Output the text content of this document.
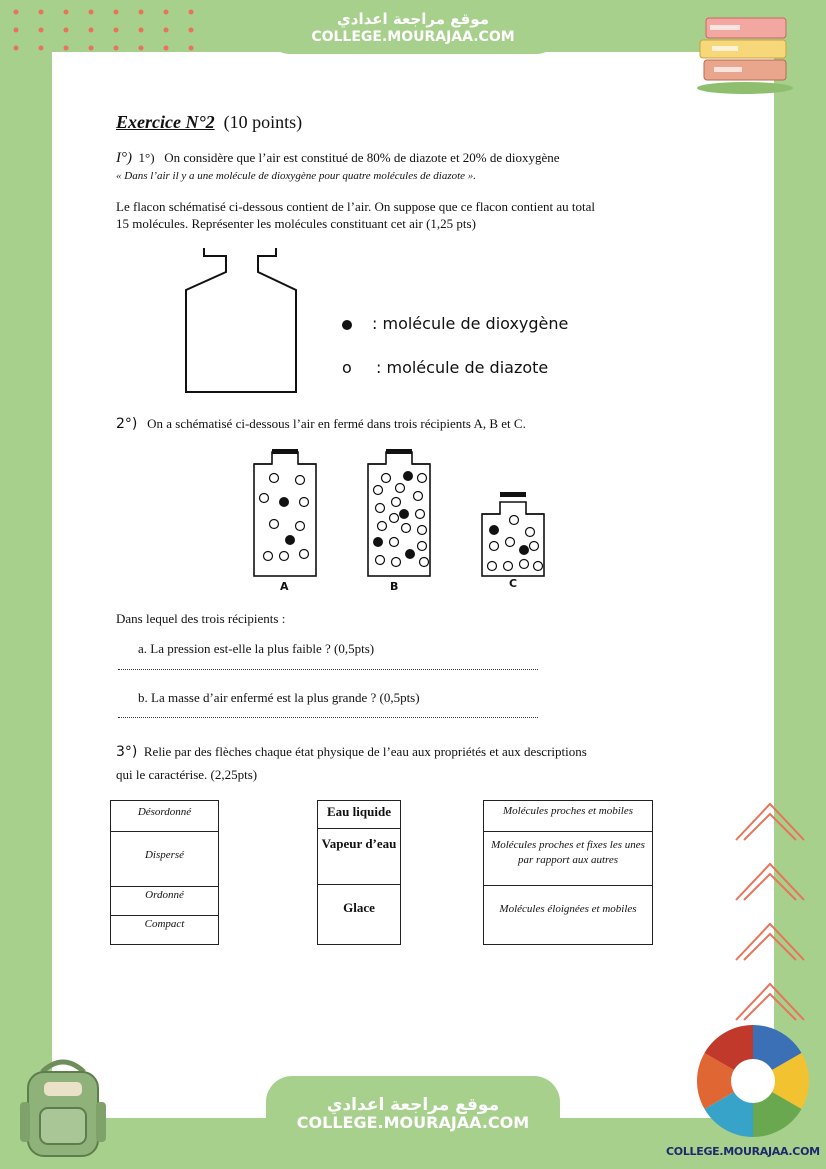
موقع مراجعة اعدادي
COLLEGE.MOURAJAA.COM

Exercice N°2 (10 points)

I°) 1°) On considère que l’air est constitué de 80% de diazote et 20% de dioxygène

« Dans l’air il y a une molécule de dioxygène pour quatre molécules de diazote ».

Le flacon schématisé ci-dessous contient de l’air. On suppose que ce flacon contient au total

15 molécules. Représenter les molécules constituant cet air (1,25 pts)

: molécule de dioxygène

o : molécule de diazote

2°) On a schématisé ci-dessous l’air en fermé dans trois récipients A, B et C.

A	B	C

Dans lequel des trois récipients :

a. La pression est-elle la plus faible ? (0,5pts)

b. La masse d’air enfermé est la plus grande ? (0,5pts)

3°) Relie par des flèches chaque état physique de l’eau aux propriétés et aux descriptions

qui le caractérise. (2,25pts)

Désordonné
Dispersé
Ordonné
Compact
Eau liquide
Vapeur d’eau
Glace
Molécules proches et mobiles
Molécules proches et fixes les unes par rapport aux autres
Molécules éloignées et mobiles
موقع مراجعة اعدادي
COLLEGE.MOURAJAA.COM

COLLEGE.MOURAJAA.COM
